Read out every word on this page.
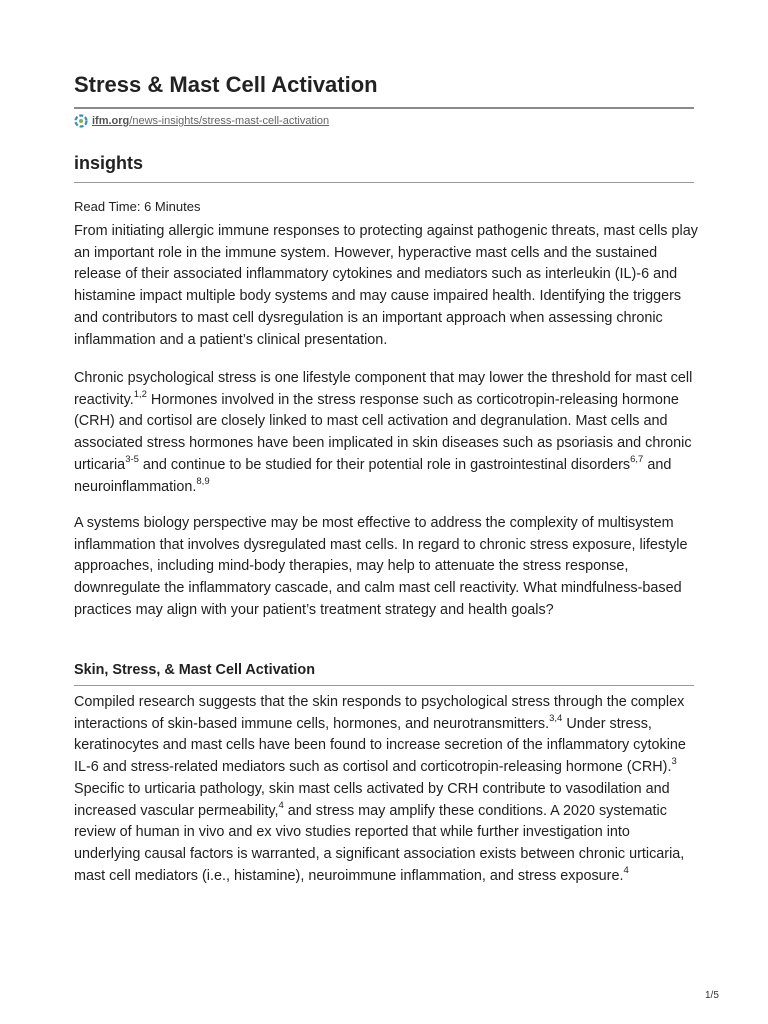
Stress & Mast Cell Activation
ifm.org/news-insights/stress-mast-cell-activation
insights
Read Time: 6 Minutes

From initiating allergic immune responses to protecting against pathogenic threats, mast cells play an important role in the immune system. However, hyperactive mast cells and the sustained release of their associated inflammatory cytokines and mediators such as interleukin (IL)-6 and histamine impact multiple body systems and may cause impaired health. Identifying the triggers and contributors to mast cell dysregulation is an important approach when assessing chronic inflammation and a patient’s clinical presentation.

Chronic psychological stress is one lifestyle component that may lower the threshold for mast cell reactivity.$^{1,2}$ Hormones involved in the stress response such as corticotropin-releasing hormone (CRH) and cortisol are closely linked to mast cell activation and degranulation. Mast cells and associated stress hormones have been implicated in skin diseases such as psoriasis and chronic urticaria$^{3-5}$ and continue to be studied for their potential role in gastrointestinal disorders$^{6,7}$ and neuroinflammation.$^{8,9}$

A systems biology perspective may be most effective to address the complexity of multisystem inflammation that involves dysregulated mast cells. In regard to chronic stress exposure, lifestyle approaches, including mind-body therapies, may help to attenuate the stress response, downregulate the inflammatory cascade, and calm mast cell reactivity. What mindfulness-based practices may align with your patient’s treatment strategy and health goals?

Skin, Stress, & Mast Cell Activation

Compiled research suggests that the skin responds to psychological stress through the complex interactions of skin-based immune cells, hormones, and neurotransmitters.$^{3,4}$ Under stress, keratinocytes and mast cells have been found to increase secretion of the inflammatory cytokine IL-6 and stress-related mediators such as cortisol and corticotropin-releasing hormone (CRH).$^3$ Specific to urticaria pathology, skin mast cells activated by CRH contribute to vasodilation and increased vascular permeability,$^4$ and stress may amplify these conditions. A 2020 systematic review of human in vivo and ex vivo studies reported that while further investigation into underlying causal factors is warranted, a significant association exists between chronic urticaria, mast cell mediators (i.e., histamine), neuroimmune inflammation, and stress exposure.$^4$

1/5
